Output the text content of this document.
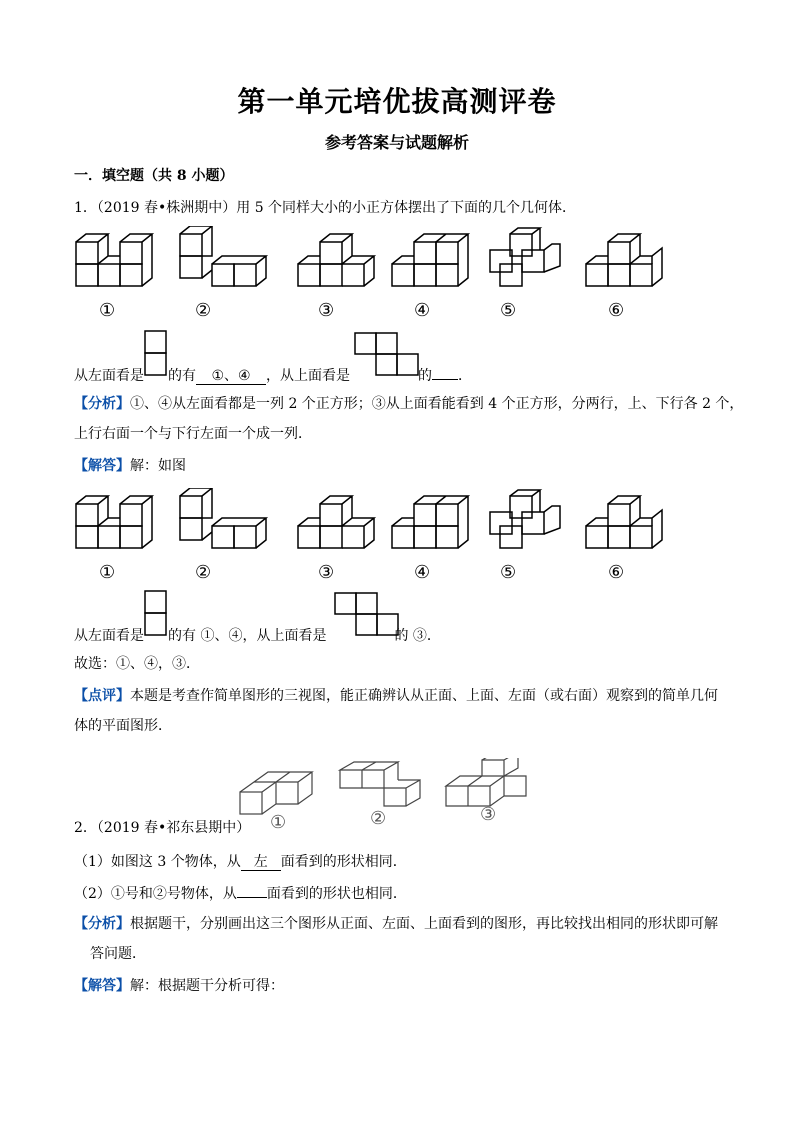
第一单元培优拔高测评卷
参考答案与试题解析
一．填空题（共 8 小题）
1．（2019 春•株洲期中）用 5 个同样大小的小正方体摆出了下面的几个几何体．
①	②	③	④	⑤	⑥
从左面看是 的有 ①、④ ，从上面看是	的 ．
【分析】①、④从左面看都是一列 2 个正方形；③从上面看能看到 4 个正方形，分两行，上、下行各 2 个，
上行右面一个与下行左面一个成一列．
【解答】解：如图
①	②	③	④	⑤	⑥
从左面看是 的有 ①、④，从上面看是	的 ③．
故选：①、④，③．
【点评】本题是考查作简单图形的三视图，能正确辨认从正面、上面、左面（或右面）观察到的简单几何
体的平面图形．
①	②	③
2．（2019 春•祁东县期中）
（1）如图这 3 个物体，从 左 面看到的形状相同．
（2）①号和②号物体，从 面看到的形状也相同．
【分析】根据题干，分别画出这三个图形从正面、左面、上面看到的图形，再比较找出相同的形状即可解
答问题．
【解答】解：根据题干分析可得：
